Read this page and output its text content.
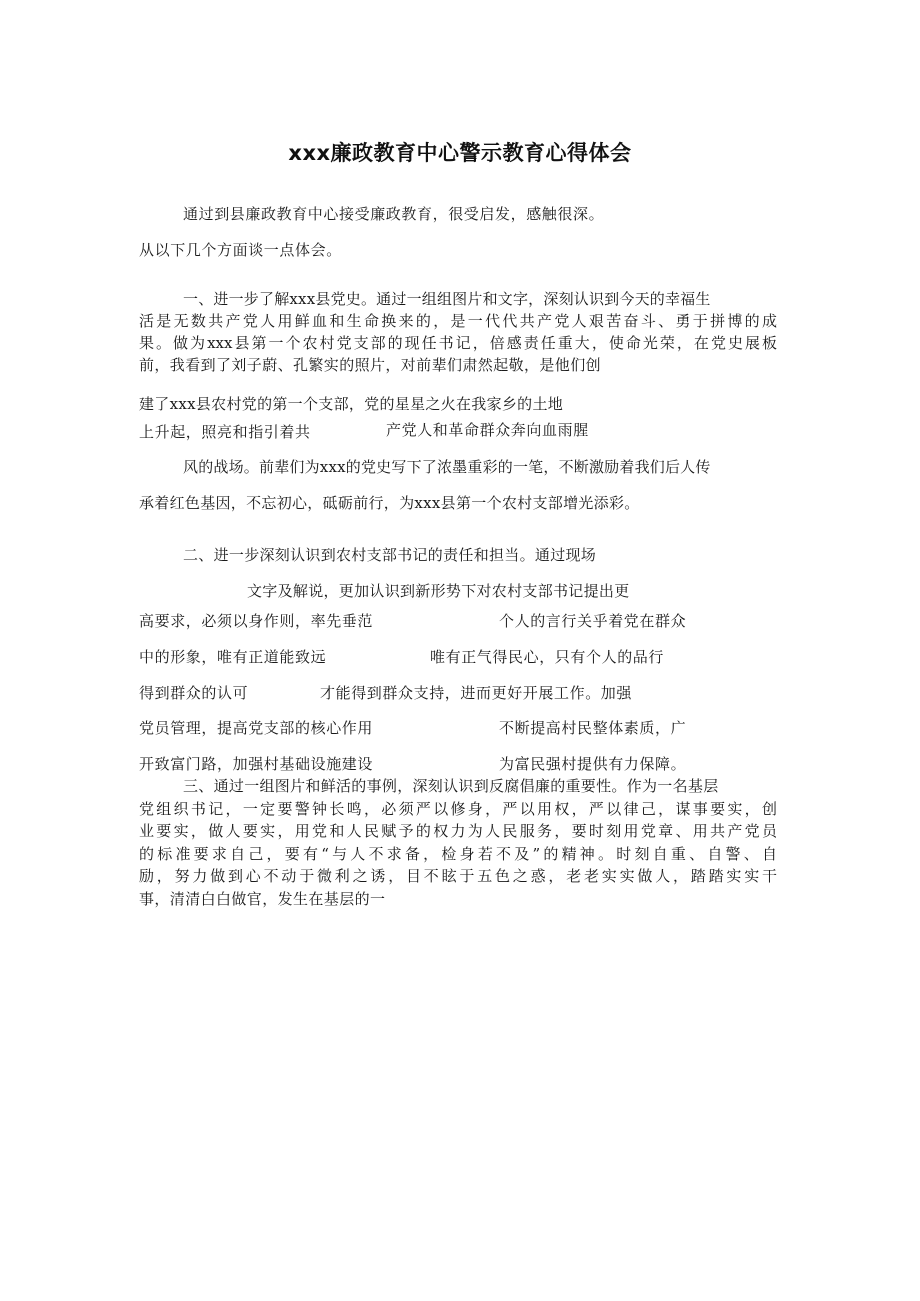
xxx廉政教育中心警示教育心得体会
通过到县廉政教育中心接受廉政教育，很受启发，感触很深。
从以下几个方面谈一点体会。
一、进一步了解xxx县党史。通过一组组图片和文字，深刻认识到今天的幸福生
活是无数共产党人用鲜血和生命换来的，是一代代共产党人艰苦奋斗、勇于拼博的成
果。做为xxx县第一个农村党支部的现任书记，倍感责任重大，使命光荣，在党史展板
前，我看到了刘子蔚、孔繁实的照片，对前辈们肃然起敬，是他们创
建了xxx县农村党的第一个支部，党的星星之火在我家乡的土地
上升起，照亮和指引着共	产党人和革命群众奔向血雨腥
风的战场。前辈们为xxx的党史写下了浓墨重彩的一笔，不断激励着我们后人传
承着红色基因，不忘初心，砥砺前行，为xxx县第一个农村支部增光添彩。
二、进一步深刻认识到农村支部书记的责任和担当。通过现场
文字及解说，更加认识到新形势下对农村支部书记提出更
高要求，必须以身作则，率先垂范	个人的言行关乎着党在群众
中的形象，唯有正道能致远	唯有正气得民心，只有个人的品行
得到群众的认可	才能得到群众支持，进而更好开展工作。加强
党员管理，提高党支部的核心作用	不断提高村民整体素质，广
开致富门路，加强村基础设施建设	为富民强村提供有力保障。
三、通过一组图片和鲜活的事例，深刻认识到反腐倡廉的重要性。作为一名基层
党组织书记，一定要警钟长鸣，必须严以修身，严以用权，严以律己，谋事要实，创
业要实，做人要实，用党和人民赋予的权力为人民服务，要时刻用党章、用共产党员
的标准要求自己，要有“与人不求备，检身若不及”的精神。时刻自重、自警、自
励，努力做到心不动于微利之诱，目不眩于五色之惑，老老实实做人，踏踏实实干
事，清清白白做官，发生在基层的一
